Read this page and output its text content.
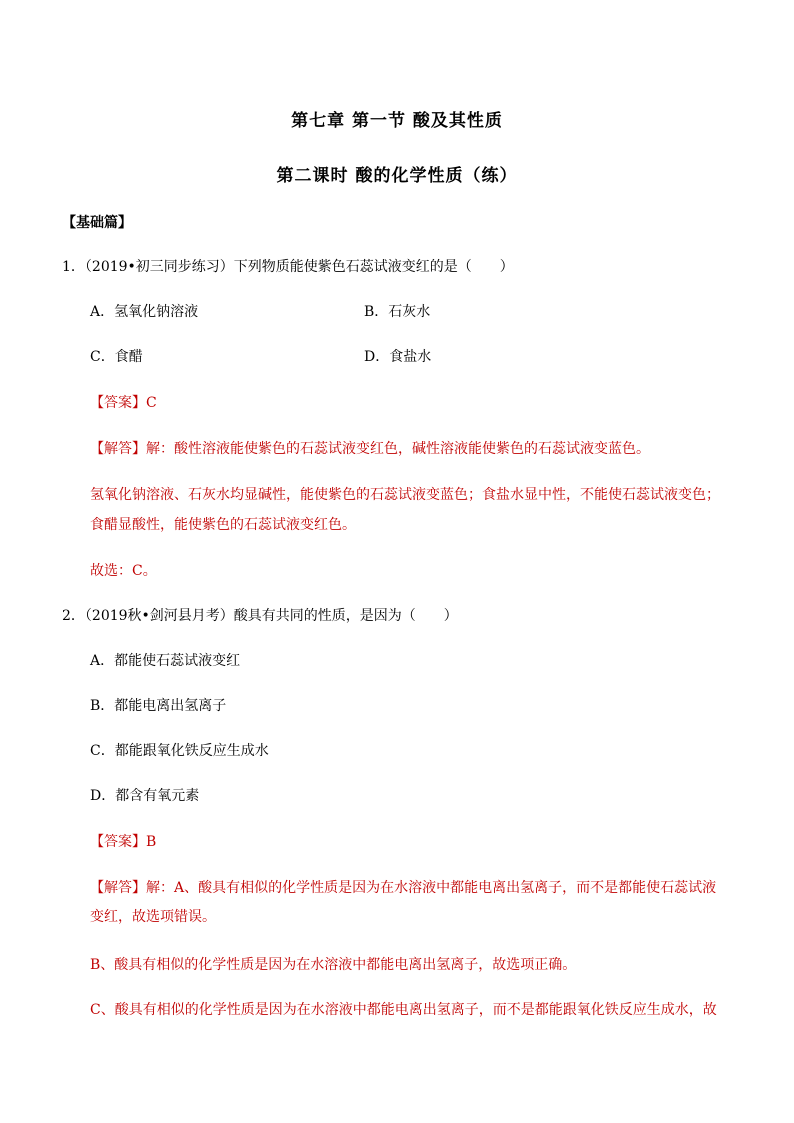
第七章 第一节 酸及其性质
第二课时 酸的化学性质（练）
【基础篇】
1．（2019•初三同步练习）下列物质能使紫色石蕊试液变红的是（　　）
A．氢氧化钠溶液	B．石灰水
C．食醋	D．食盐水
【答案】C
【解答】解：酸性溶液能使紫色的石蕊试液变红色，碱性溶液能使紫色的石蕊试液变蓝色。
氢氧化钠溶液、石灰水均显碱性，能使紫色的石蕊试液变蓝色；食盐水显中性，不能使石蕊试液变色；
食醋显酸性，能使紫色的石蕊试液变红色。
故选：C。
2．（2019秋•剑河县月考）酸具有共同的性质，是因为（　　）
A．都能使石蕊试液变红
B．都能电离出氢离子
C．都能跟氧化铁反应生成水
D．都含有氧元素
【答案】B
【解答】解：A、酸具有相似的化学性质是因为在水溶液中都能电离出氢离子，而不是都能使石蕊试液
变红，故选项错误。
B、酸具有相似的化学性质是因为在水溶液中都能电离出氢离子，故选项正确。
C、酸具有相似的化学性质是因为在水溶液中都能电离出氢离子，而不是都能跟氧化铁反应生成水，故
